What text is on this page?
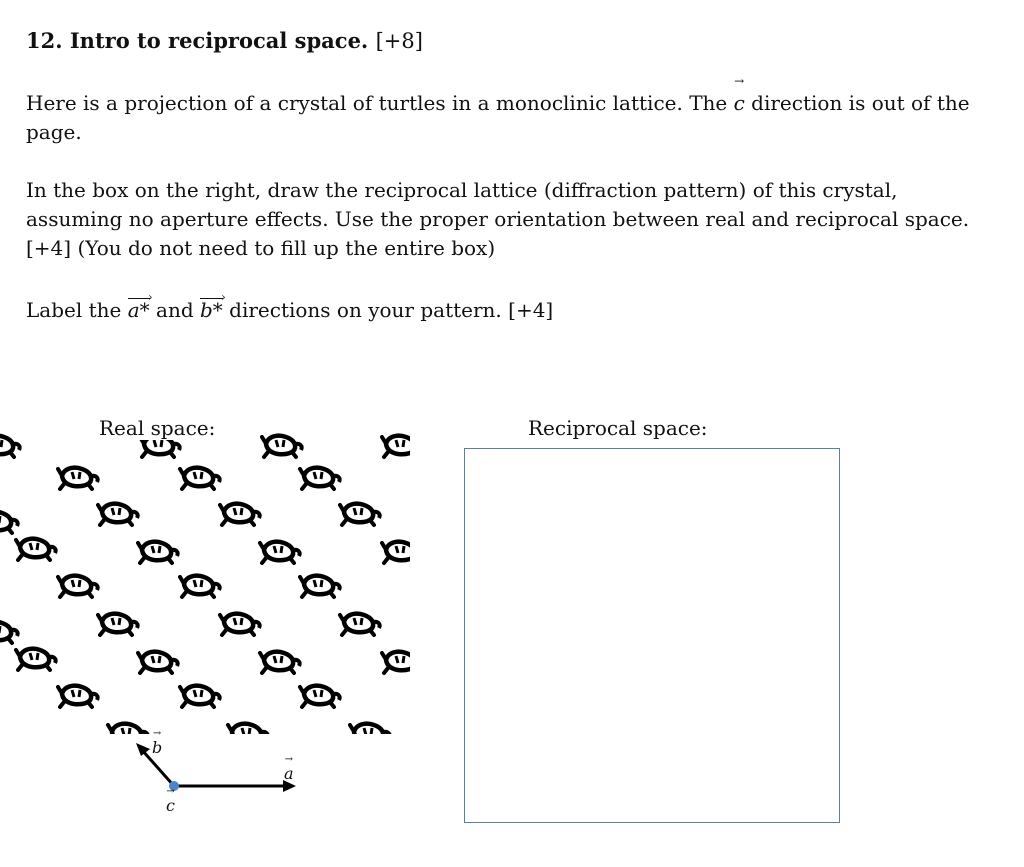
12. Intro to reciprocal space. [+8]

Here is a projection of a crystal of turtles in a monoclinic lattice. The → c direction is out of the page.

In the box on the right, draw the reciprocal lattice (diffraction pattern) of this crystal, assuming no aperture effects. Use the proper orientation between real and reciprocal space. [+4] (You do not need to fill up the entire box)

Label the a* › and b* › directions on your pattern. [+4]

Real space:	Reciprocal space:
→ b
→ a
→ c
